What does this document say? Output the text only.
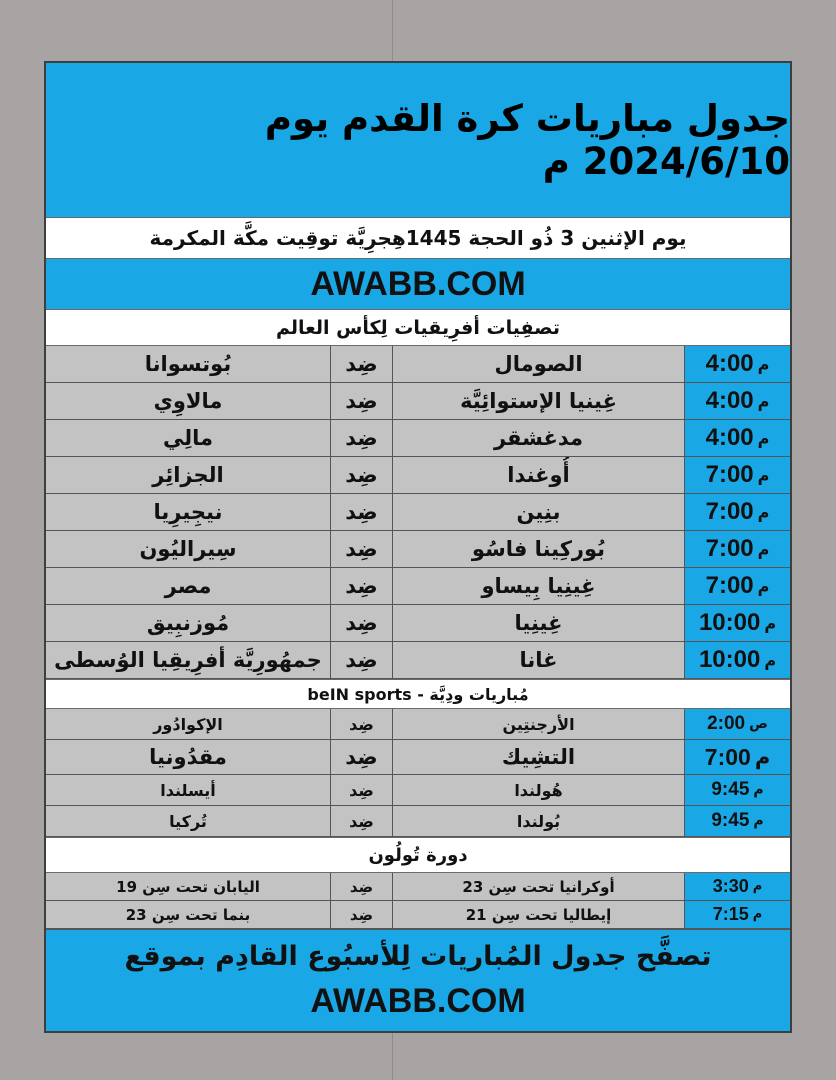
جدول مباريات كرة القدم يوم 2024/6/10 م
يوم الإثنين 3 ذُو الحجة 1445هِجرِيَّة توقِيت مكَّة المكرمة
AWABB.COM
تصفِيات أفرِيقيات لِكأس العالم
م
4:00
الصومال
ضِد
بُوتسوانا
م
4:00
غِينيا الإستوائِيَّة
ضِد
مالاوِي
م
4:00
مدغشقر
ضِد
مالِي
م
7:00
أُوغندا
ضِد
الجزائِر
م
7:00
بنِين
ضِد
نيجِيرِيا
م
7:00
بُوركِينا فاسُو
ضِد
سِيراليُون
م
7:00
غِينِيا بِيساو
ضِد
مصر
م
10:00
غِينِيا
ضِد
مُوزنبِيق
م
10:00
غانا
ضِد
جمهُورِيَّة أفرِيقِيا الوُسطى
مُباريات ودِيَّة - beIN sports
ص
2:00
الأرجنتِين
ضِد
الإكوادُور
م
7:00
التشِيك
ضِد
مقدُونيا
م
9:45
هُولندا
ضِد
أيسلندا
م
9:45
بُولندا
ضِد
تُركيا
دورة تُولُون
م
3:30
أوكرانيا تحت سِن 23
ضِد
اليابان تحت سِن 19
م
7:15
إيطاليا تحت سِن 21
ضِد
بنما تحت سِن 23
تصفَّح جدول المُباريات لِلأسبُوع القادِم بموقع
AWABB.COM
